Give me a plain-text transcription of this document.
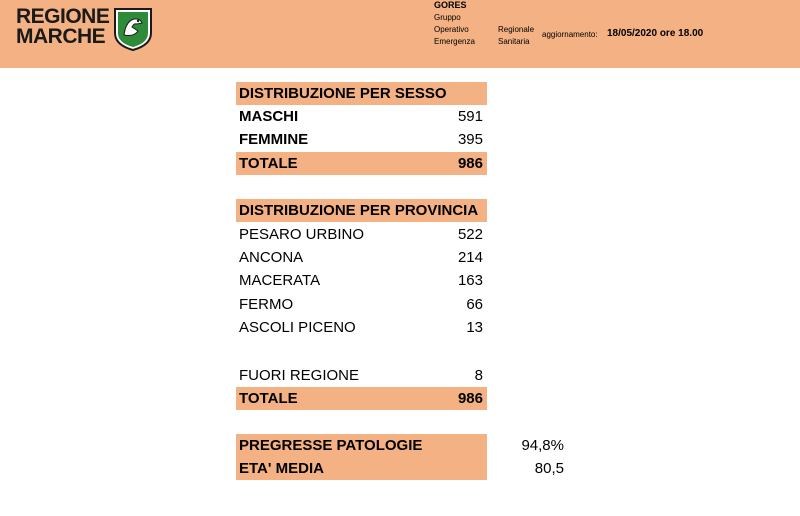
REGIONE
MARCHE
GORES
Gruppo
Operativo
Emergenza
Regionale
Sanitaria
aggiornamento: 18/05/2020 ore 18.00
DISTRIBUZIONE PER SESSO
MASCHI	591
FEMMINE	395
TOTALE	986
DISTRIBUZIONE PER PROVINCIA
PESARO URBINO	522
ANCONA	214
MACERATA	163
FERMO	66
ASCOLI PICENO	13
FUORI REGIONE	8
TOTALE	986
PREGRESSE PATOLOGIE	94,8%
ETA' MEDIA	80,5
